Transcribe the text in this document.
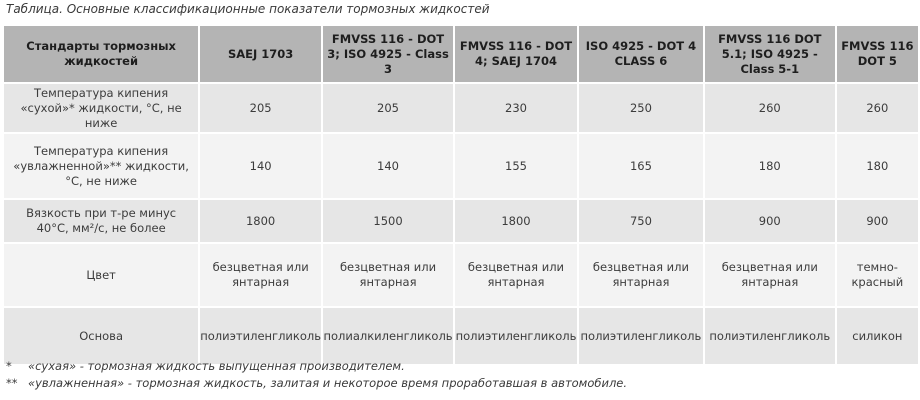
Таблица. Основные классификационные показатели тормозных жидкостей
Стандарты тормозных жидкостей	SAEJ 1703	FMVSS 116 - DOT 3; ISO 4925 - Class 3	FMVSS 116 - DOT 4; SAEJ 1704	ISO 4925 - DOT 4 CLASS 6	FMVSS 116 DOT 5.1; ISO 4925 - Class 5-1	FMVSS 116 DOT 5
Температура кипения «сухой»* жидкости, °С, не ниже	205	205	230	250	260	260
Температура кипения «увлажненной»** жидкости, °С, не ниже	140	140	155	165	180	180
Вязкость при т-ре минус 40°С, мм²/с, не более	1800	1500	1800	750	900	900
Цвет	безцветная или янтарная	безцветная или янтарная	безцветная или янтарная	безцветная или янтарная	безцветная или янтарная	темно-красный
Основа	полиэтиленгликоль	полиалкиленгликоль	полиэтиленгликоль	полиэтиленгликоль	полиэтиленгликоль	силикон
* «сухая» - тормозная жидкость выпущенная производителем.
** «увлажненная» - тормозная жидкость, залитая и некоторое время проработавшая в автомобиле.
